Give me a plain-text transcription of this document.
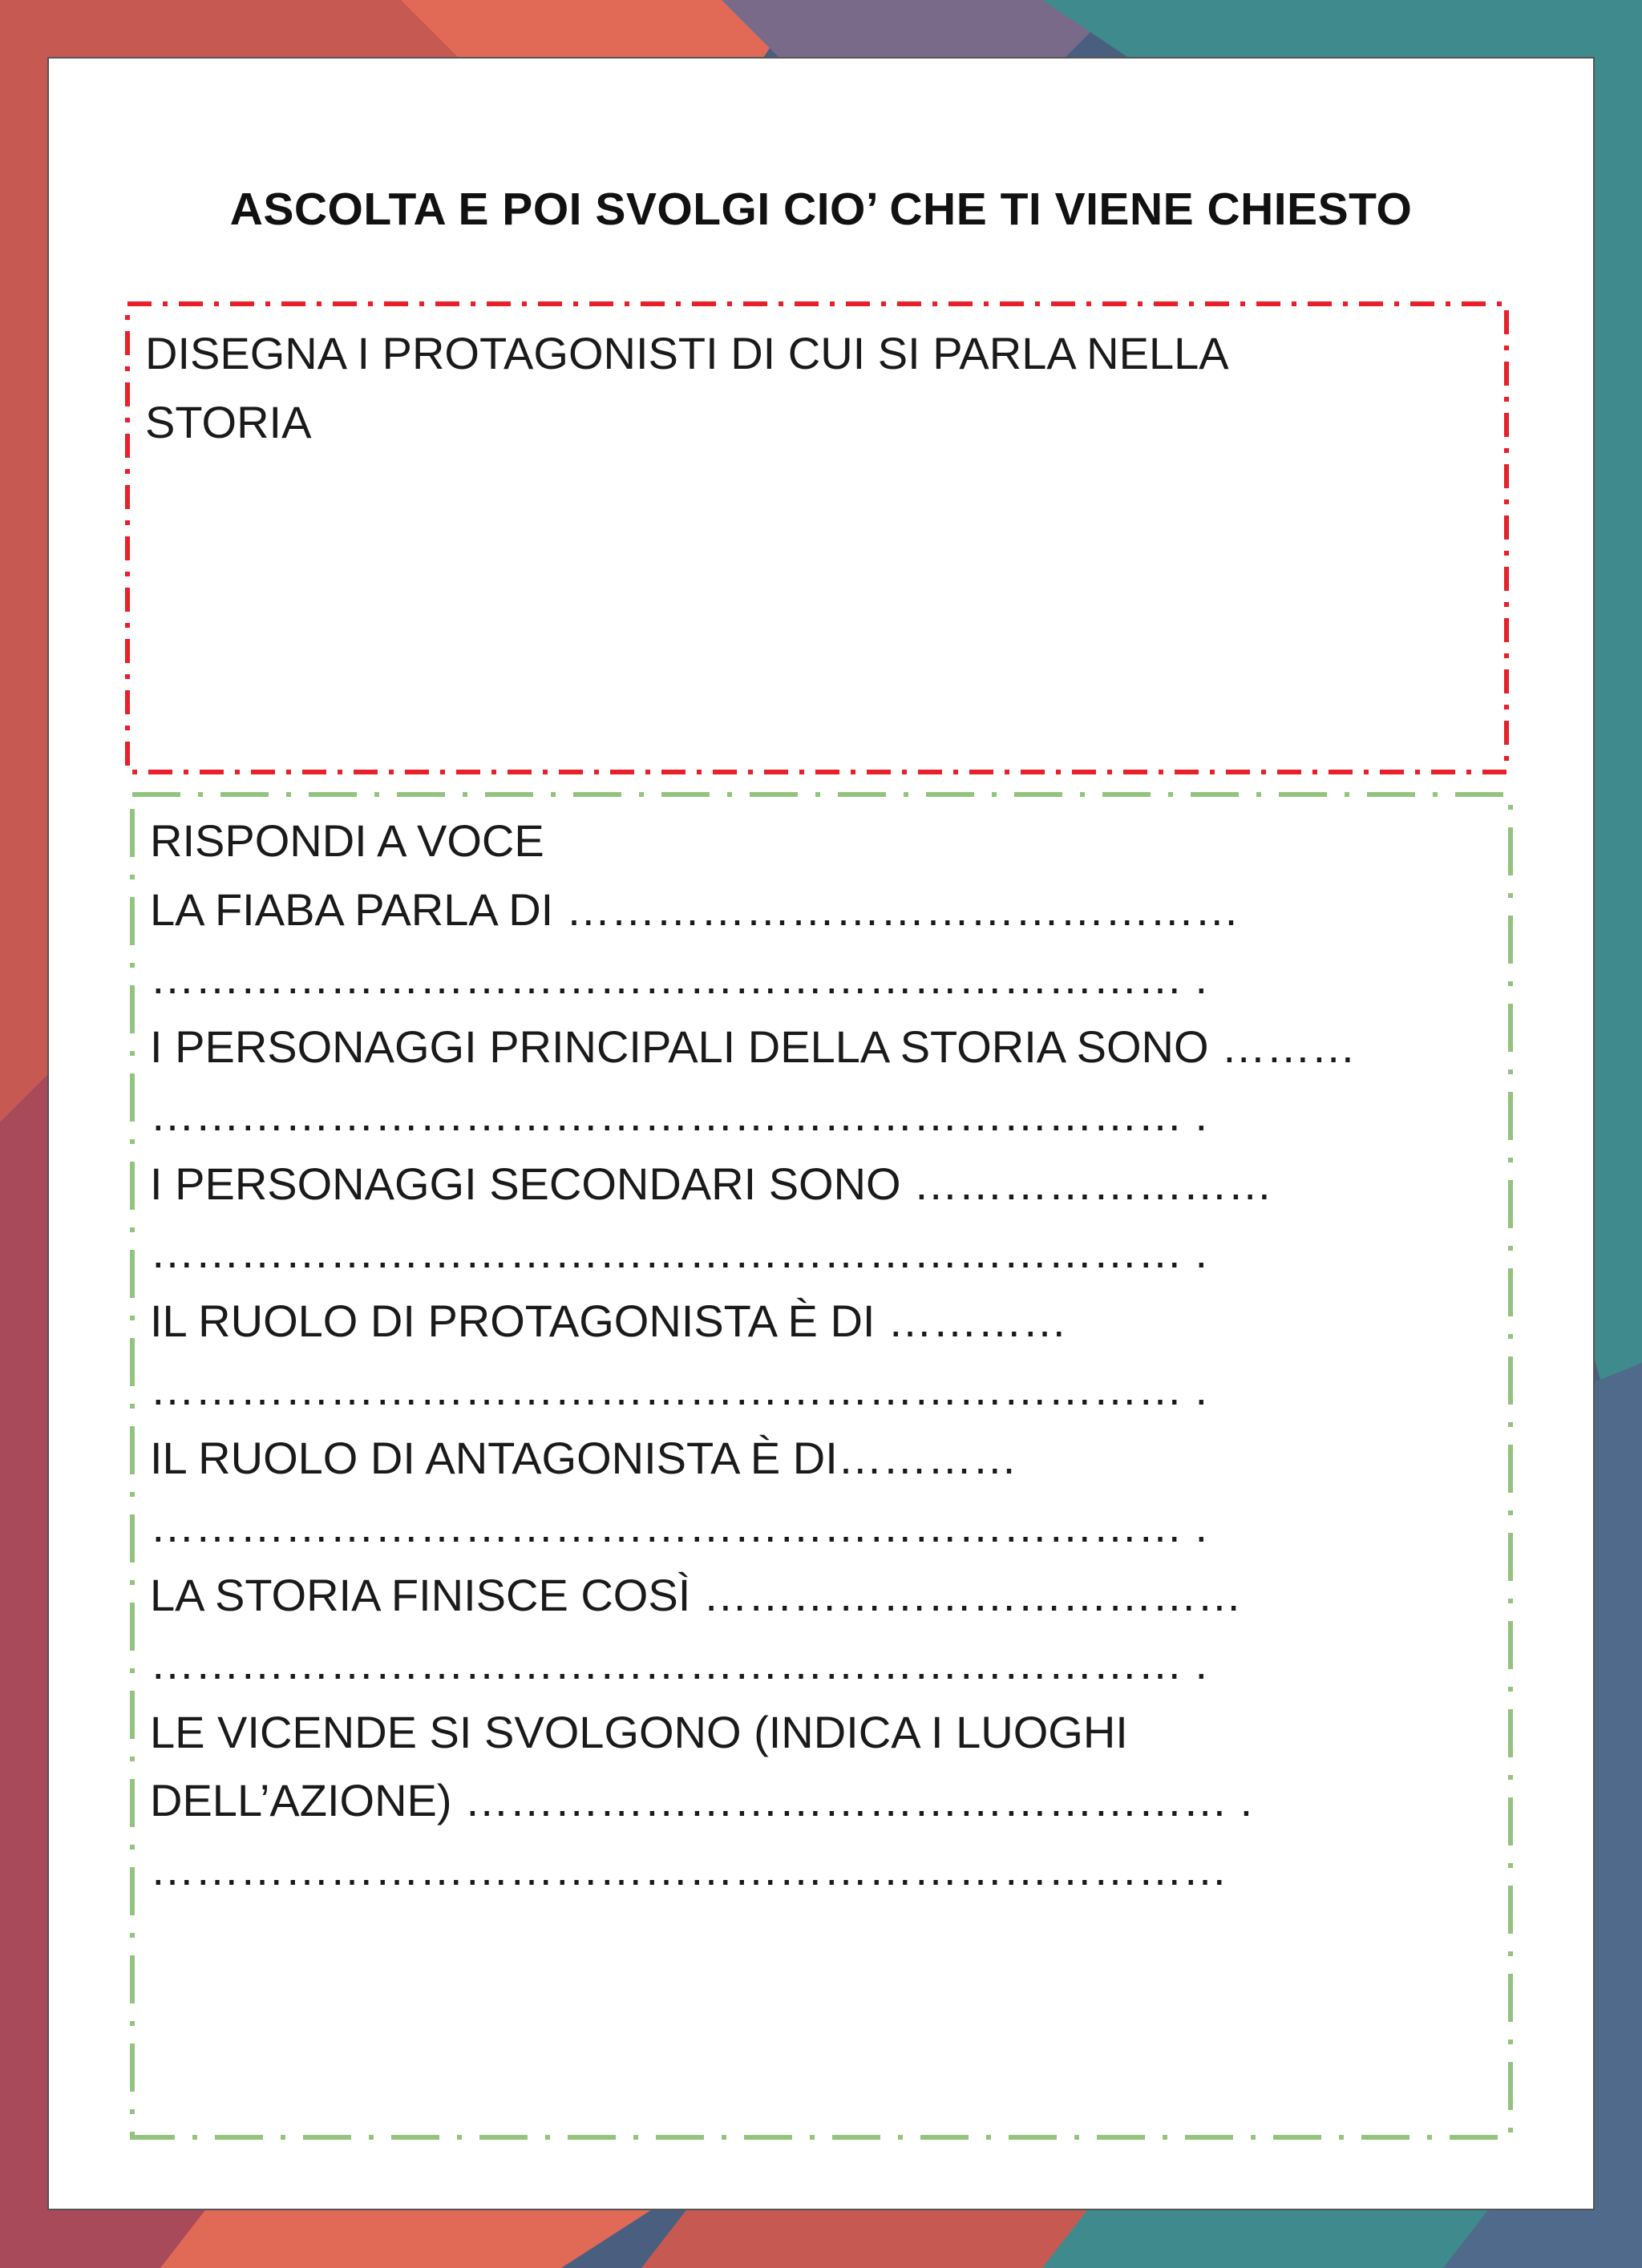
ASCOLTA E POI SVOLGI CIO’ CHE TI VIENE CHIESTO
DISEGNA I PROTAGONISTI DI CUI SI PARLA NELLA
STORIA
RISPONDI A VOCE
LA FIABA PARLA DI ………………………………………
…………………………………………………………… .
I PERSONAGGI PRINCIPALI DELLA STORIA SONO ………
…………………………………………………………… .
I PERSONAGGI SECONDARI SONO ……………………
…………………………………………………………… .
IL RUOLO DI PROTAGONISTA È DI …………
…………………………………………………………… .
IL RUOLO DI ANTAGONISTA È DI…………
…………………………………………………………… .
LA STORIA FINISCE COSÌ ………………………………
…………………………………………………………… .
LE VICENDE SI SVOLGONO (INDICA I LUOGHI
DELL’AZIONE) …………………………………………… .
………………………………………………………………
